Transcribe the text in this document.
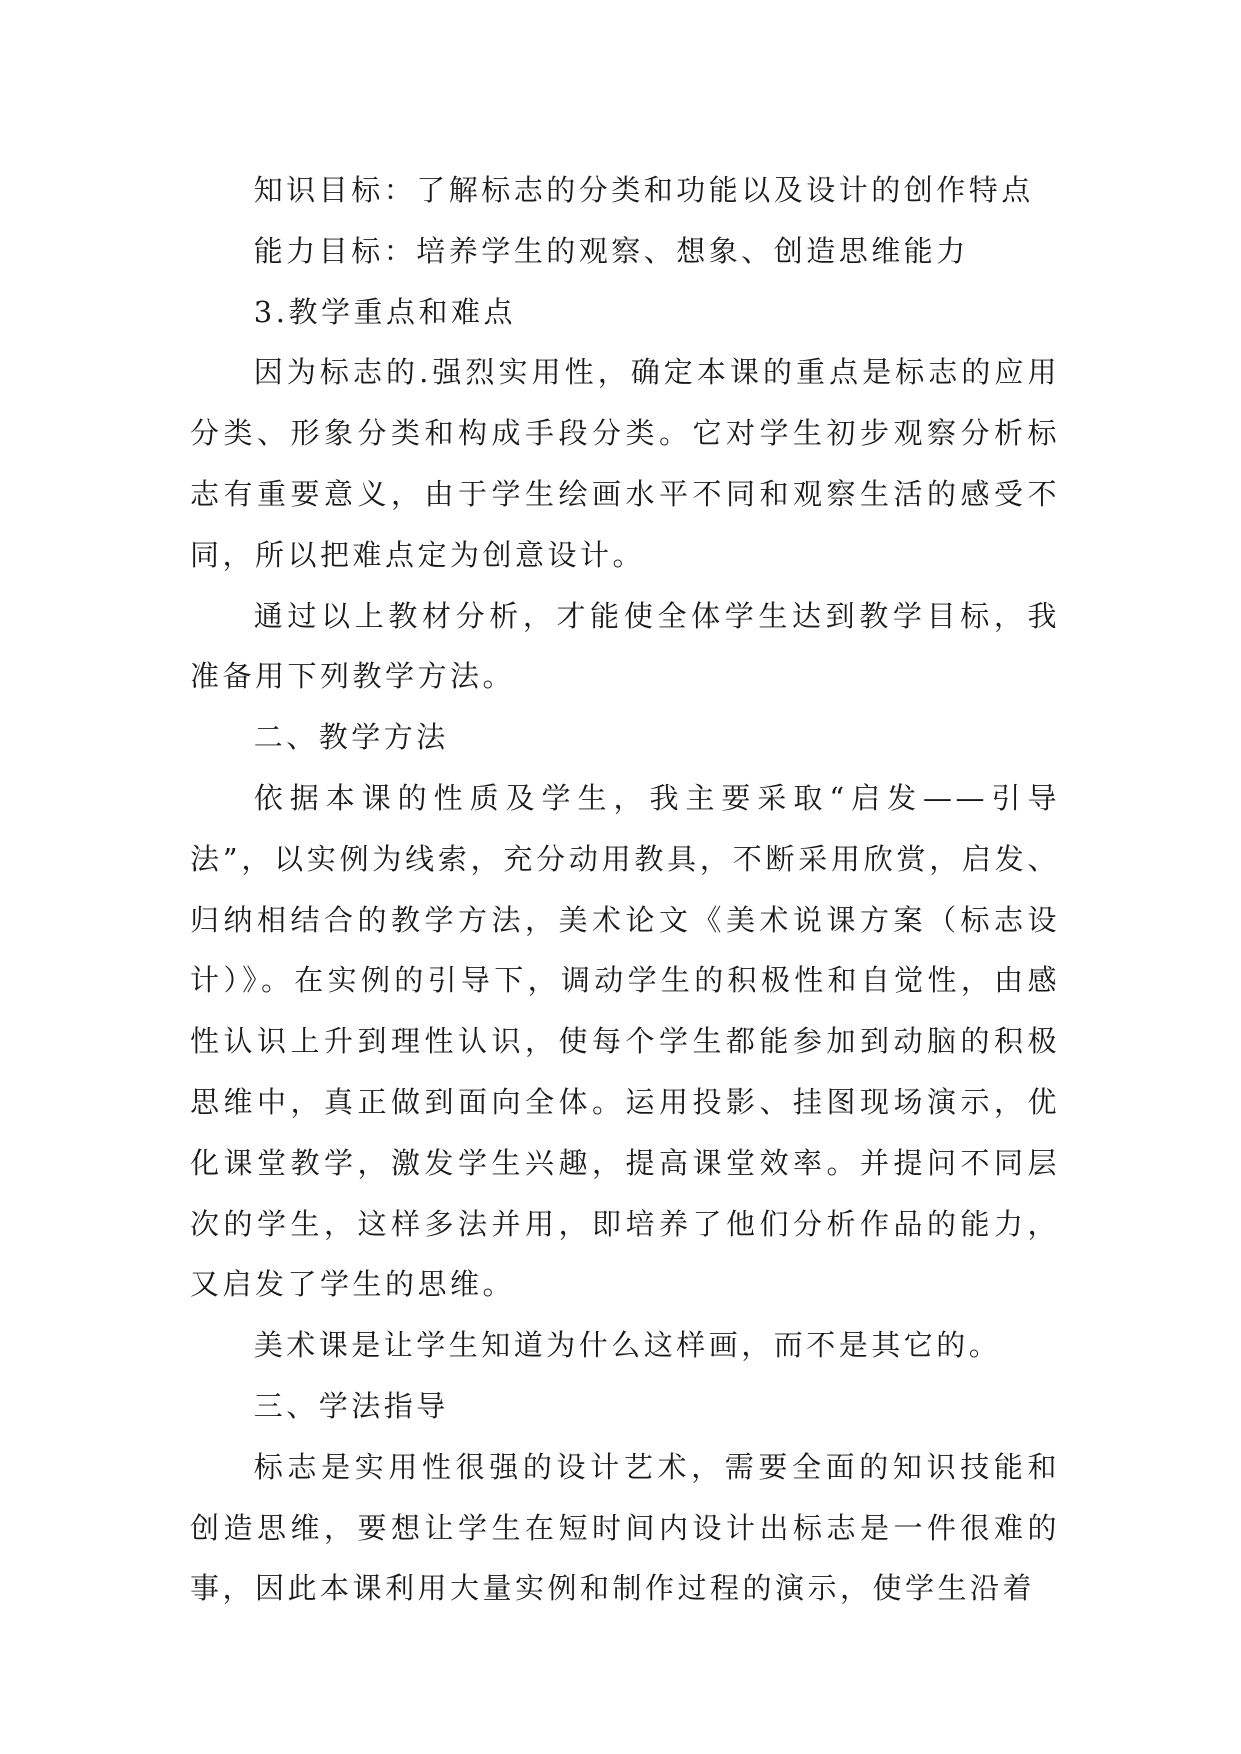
知识目标：了解标志的分类和功能以及设计的创作特点

能力目标：培养学生的观察、想象、创造思维能力

3.教学重点和难点

因为标志的.强烈实用性，确定本课的重点是标志的应用分类、形象分类和构成手段分类。它对学生初步观察分析标志有重要意义，由于学生绘画水平不同和观察生活的感受不同，所以把难点定为创意设计。

通过以上教材分析，才能使全体学生达到教学目标，我准备用下列教学方法。

二、教学方法

依据本课的性质及学生，我主要采取“启发——引导法”，以实例为线索，充分动用教具，不断采用欣赏，启发、归纳相结合的教学方法，美术论文《美术说课方案（标志设计）》。在实例的引导下，调动学生的积极性和自觉性，由感性认识上升到理性认识，使每个学生都能参加到动脑的积极思维中，真正做到面向全体。运用投影、挂图现场演示，优化课堂教学，激发学生兴趣，提高课堂效率。并提问不同层次的学生，这样多法并用，即培养了他们分析作品的能力，又启发了学生的思维。

美术课是让学生知道为什么这样画，而不是其它的。

三、学法指导

标志是实用性很强的设计艺术，需要全面的知识技能和创造思维，要想让学生在短时间内设计出标志是一件很难的事，因此本课利用大量实例和制作过程的演示，使学生沿着
